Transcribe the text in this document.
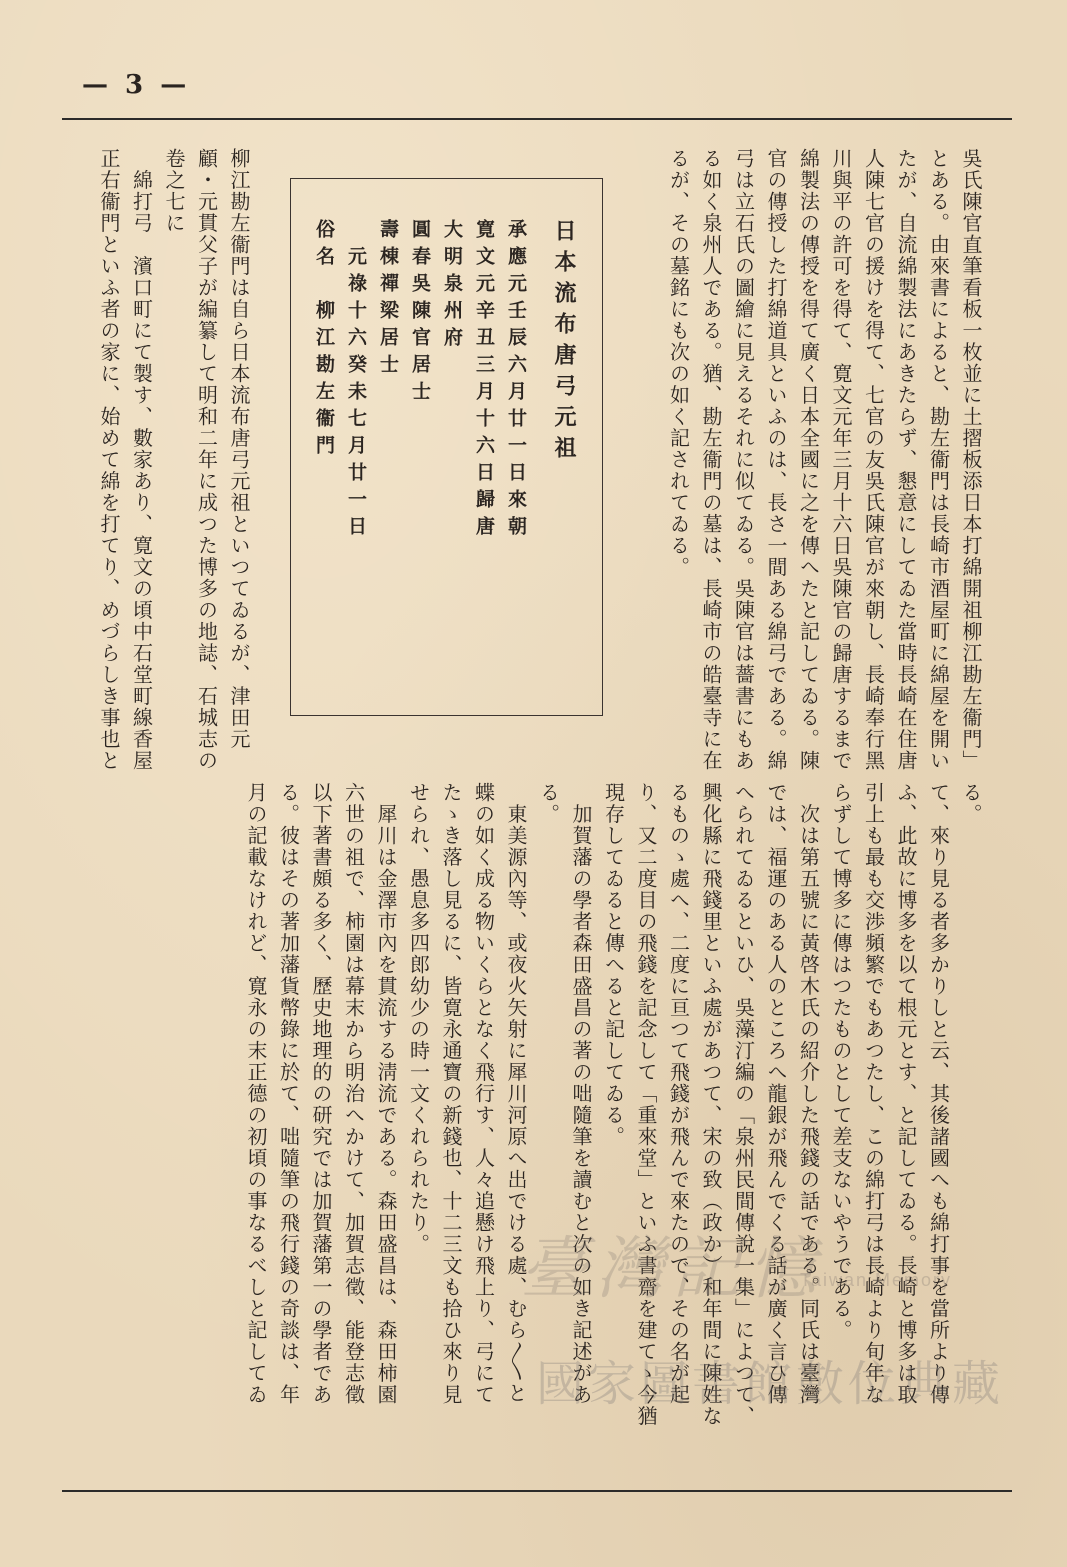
— 3 —
吳氏陳官直筆看板一枚並に土摺板添日本打綿開祖柳江勘左衞門」
とある。由來書によると、勘左衞門は長崎市酒屋町に綿屋を開い
たが、自流綿製法にあきたらず、懇意にしてゐた當時長崎在住唐
人陳七官の援けを得て、七官の友吳氏陳官が來朝し、長崎奉行黑
川與平の許可を得て、寛文元年三月十六日吳陳官の歸唐するまで
綿製法の傳授を得て廣く日本全國に之を傳へたと記してゐる。陳
官の傳授した打綿道具といふのは、長さ一間ある綿弓である。綿
弓は立石氏の圖繪に見えるそれに似てゐる。吳陳官は薔書にもあ
る如く泉州人である。猶、勘左衞門の墓は、長崎市の皓臺寺に在
るが、その墓銘にも次の如く記されてゐる。
日本流布唐弓元祖
承應元壬辰六月廿一日來朝
寛文元辛丑三月十六日歸唐
大明泉州府
圓春吳陳官居士
壽棟禪梁居士
　元祿十六癸未七月廿一日
俗名　柳江勘左衞門
柳江勘左衞門は自ら日本流布唐弓元祖といつてゐるが、津田元
顧・元貫父子が編纂して明和二年に成つた博多の地誌、石城志の
卷之七に
　綿打弓　濱口町にて製す、數家あり、寛文の頃中石堂町線香屋
正右衞門といふ者の家に、始めて綿を打てり、めづらしき事也と
る。
て、來り見る者多かりしと云、其後諸國へも綿打事を當所より傳
ふ、此故に博多を以て根元とす、と記してゐる。長崎と博多は取
引上も最も交渉頻繁でもあつたし、この綿打弓は長崎より旬年な
らずして博多に傳はつたものとして差支ないやうである。
　次は第五號に黃啓木氏の紹介した飛錢の話である。同氏は臺灣
では、福運のある人のところへ龍銀が飛んでくる話が廣く言ひ傳
へられてゐるといひ、吳藻汀編の「泉州民間傳說一集」によつて、
興化縣に飛錢里といふ處があつて、宋の致（政か）和年間に陳姓な
るものゝ處へ、二度に亘つて飛錢が飛んで來たので、その名が起
り、又二度目の飛錢を記念して「重來堂」といふ書齋を建てゝ今猶
現存してゐると傳へると記してゐる。
　加賀藩の學者森田盛昌の著の咄隨筆を讀むと次の如き記述があ
る。
　東美源內等、或夜火矢射に犀川河原へ出でける處、むら〳〵と
蝶の如く成る物いくらとなく飛行す、人々追懸け飛上り、弓にて
たゝき落し見るに、皆寛永通寶の新錢也、十二三文も拾ひ來り見
せられ、愚息多四郎幼少の時一文くれられたり。
　犀川は金澤市內を貫流する淸流である。森田盛昌は、森田柿園
六世の祖で、柿園は幕末から明治へかけて、加賀志徵、能登志徵
以下著書頗る多く、歷史地理的の研究では加賀藩第一の學者であ
る。彼はその著加藩貨幣錄に於て、咄隨筆の飛行錢の奇談は、年
月の記載なけれど、寛永の末正德の初頃の事なるべしと記してゐ	臺灣記憶
Taiwan Memory
國家圖書館數位典藏
